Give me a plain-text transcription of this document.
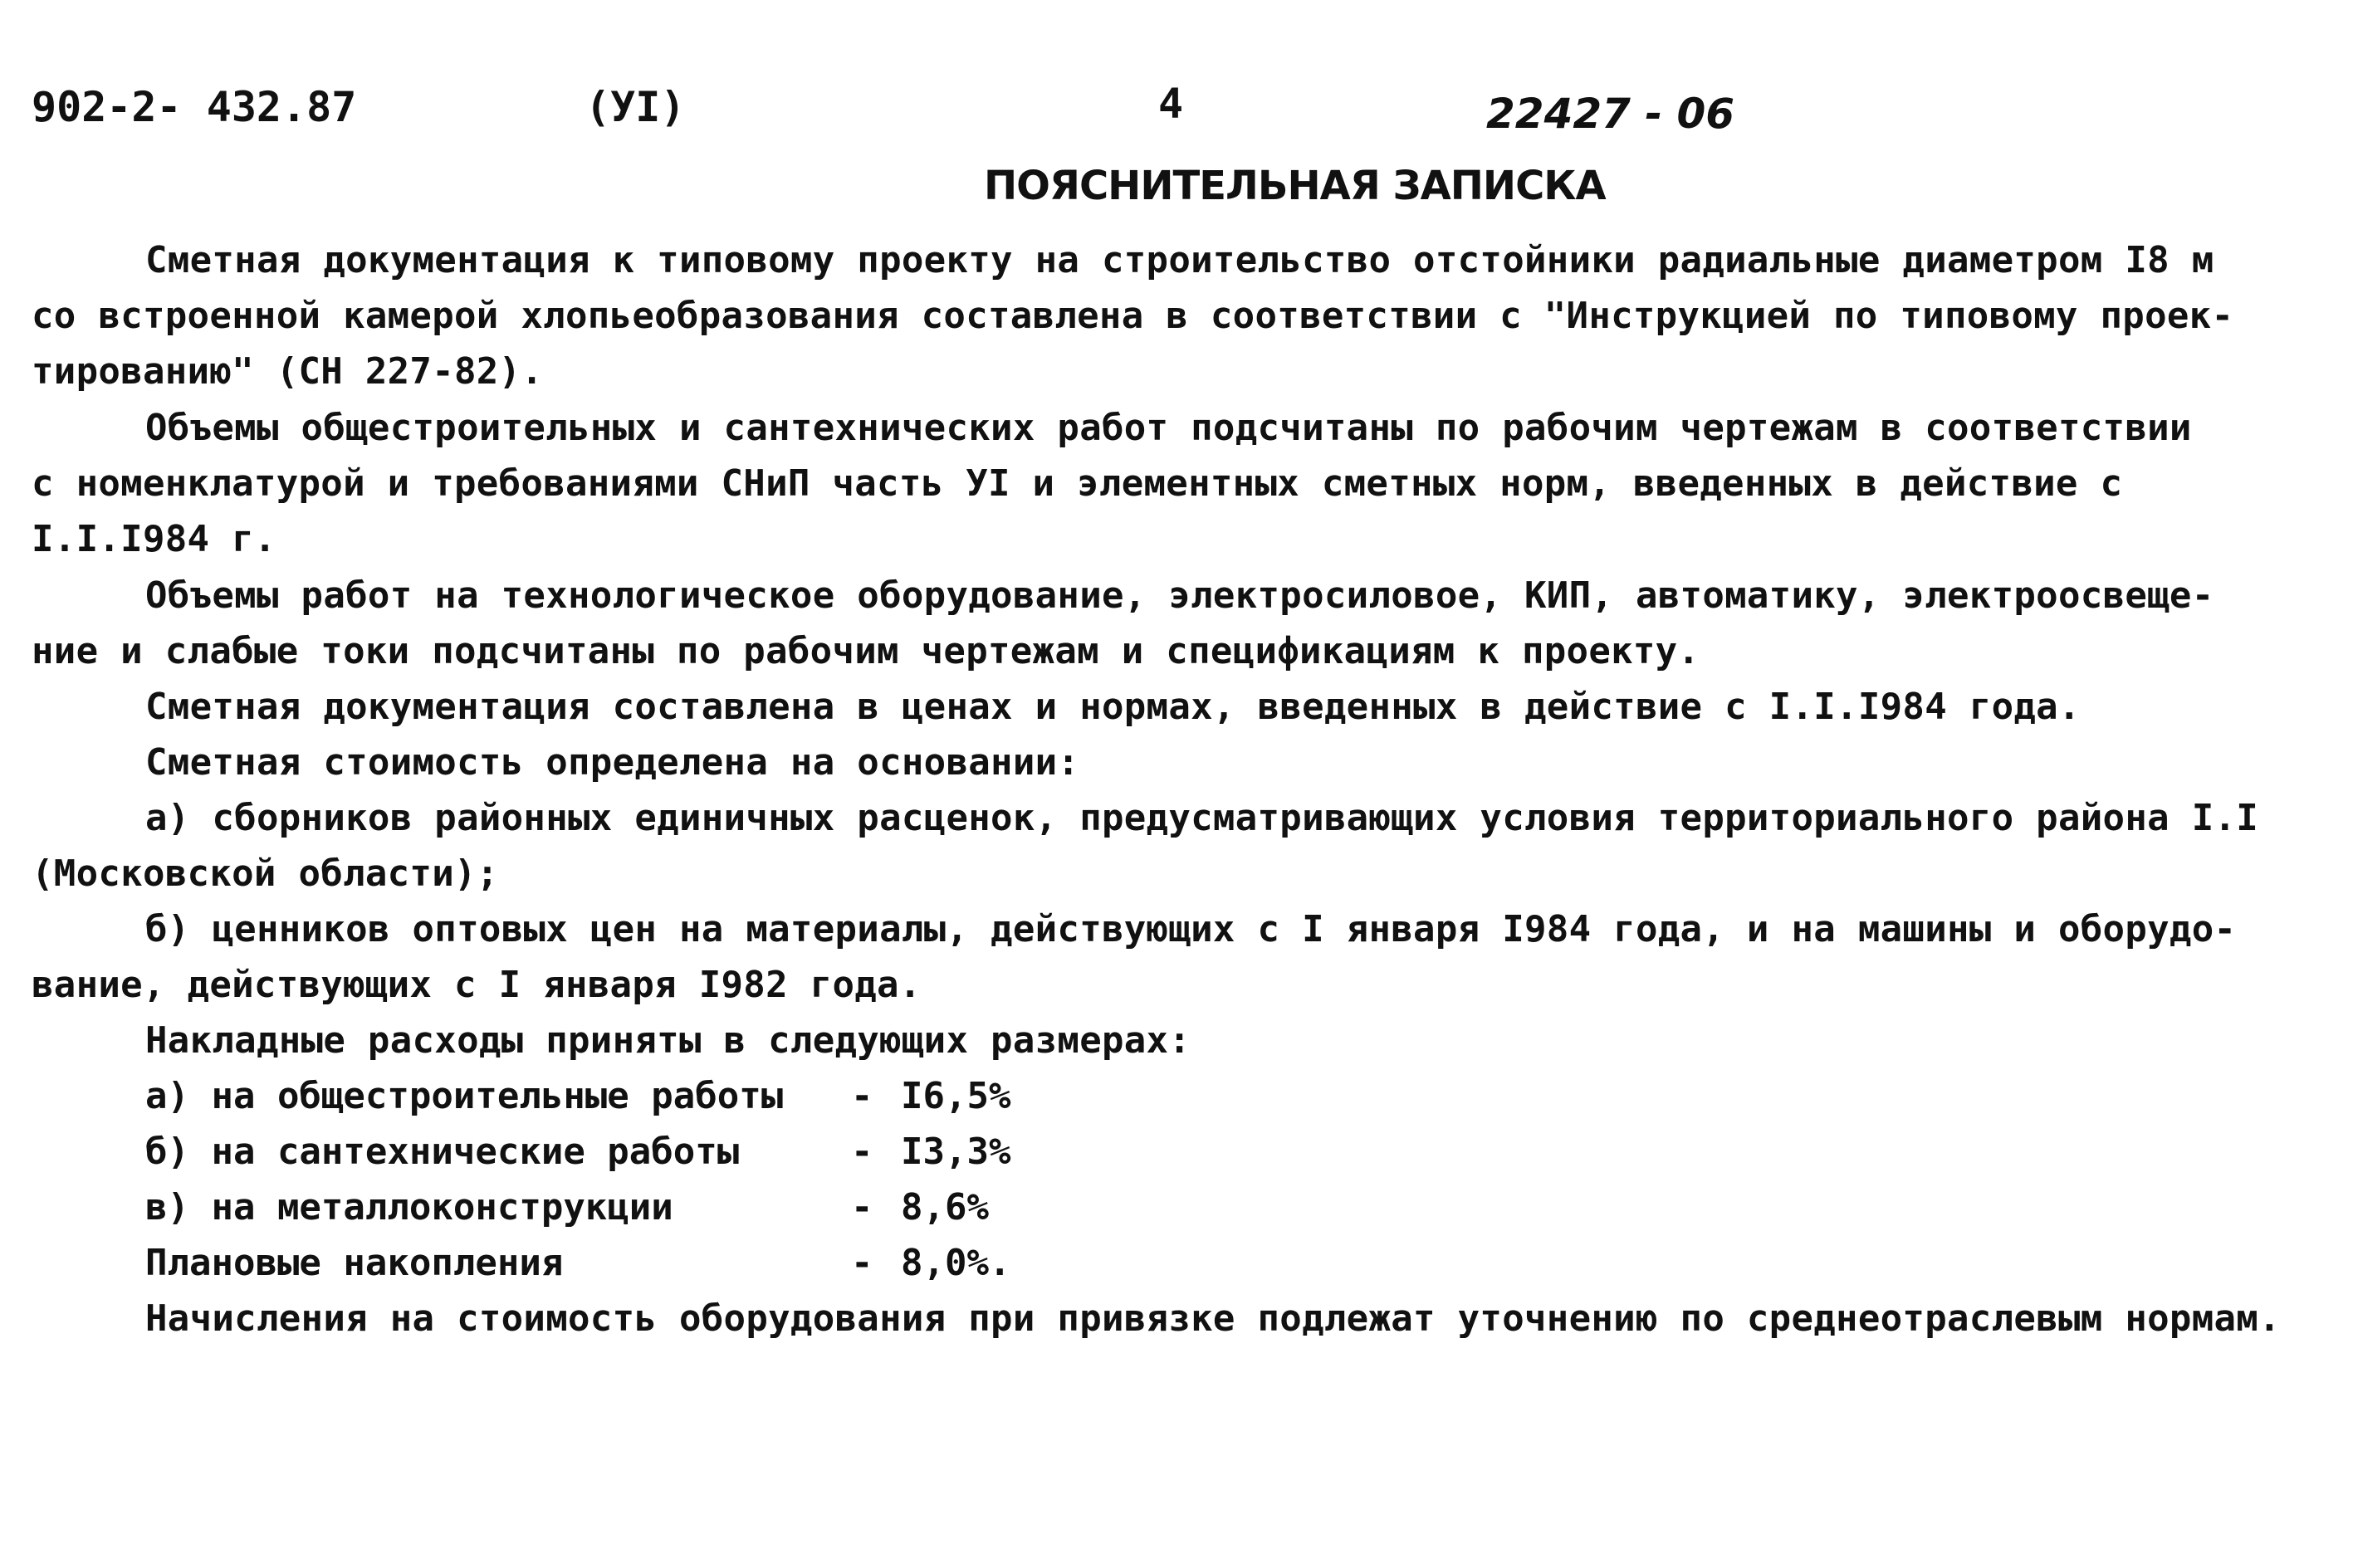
902-2- 432.87	(УI)	4	22427 - 06
ПОЯСНИТЕЛЬНАЯ ЗАПИСКА
Сметная документация к типовому проекту на строительство отстойники радиальные диаметром I8 м
со встроенной камерой хлопьеобразования составлена в соответствии с "Инструкцией по типовому проек-
тированию" (СН 227-82).
Объемы общестроительных и сантехнических работ подсчитаны по рабочим чертежам в соответствии
с номенклатурой и требованиями СНиП часть УI и элементных сметных норм, введенных в действие с
I.I.I984 г.
Объемы работ на технологическое оборудование, электросиловое, КИП, автоматику, электроосвеще-
ние и слабые токи подсчитаны по рабочим чертежам и спецификациям к проекту.
Сметная документация составлена в ценах и нормах, введенных в действие с I.I.I984 года.
Сметная стоимость определена на основании:
а) сборников районных единичных расценок, предусматривающих условия территориального района I.I
(Московской области);
б) ценников оптовых цен на материалы, действующих с I января I984 года, и на машины и оборудо-
вание, действующих с I января I982 года.
Накладные расходы приняты в следующих размерах:
а) на общестроительные работы - I6,5%
б) на сантехнические работы	- I3,3%
в) на металлоконструкции	- 8,6%
Плановые накопления	- 8,0%.
Начисления на стоимость оборудования при привязке подлежат уточнению по среднеотраслевым нормам.
